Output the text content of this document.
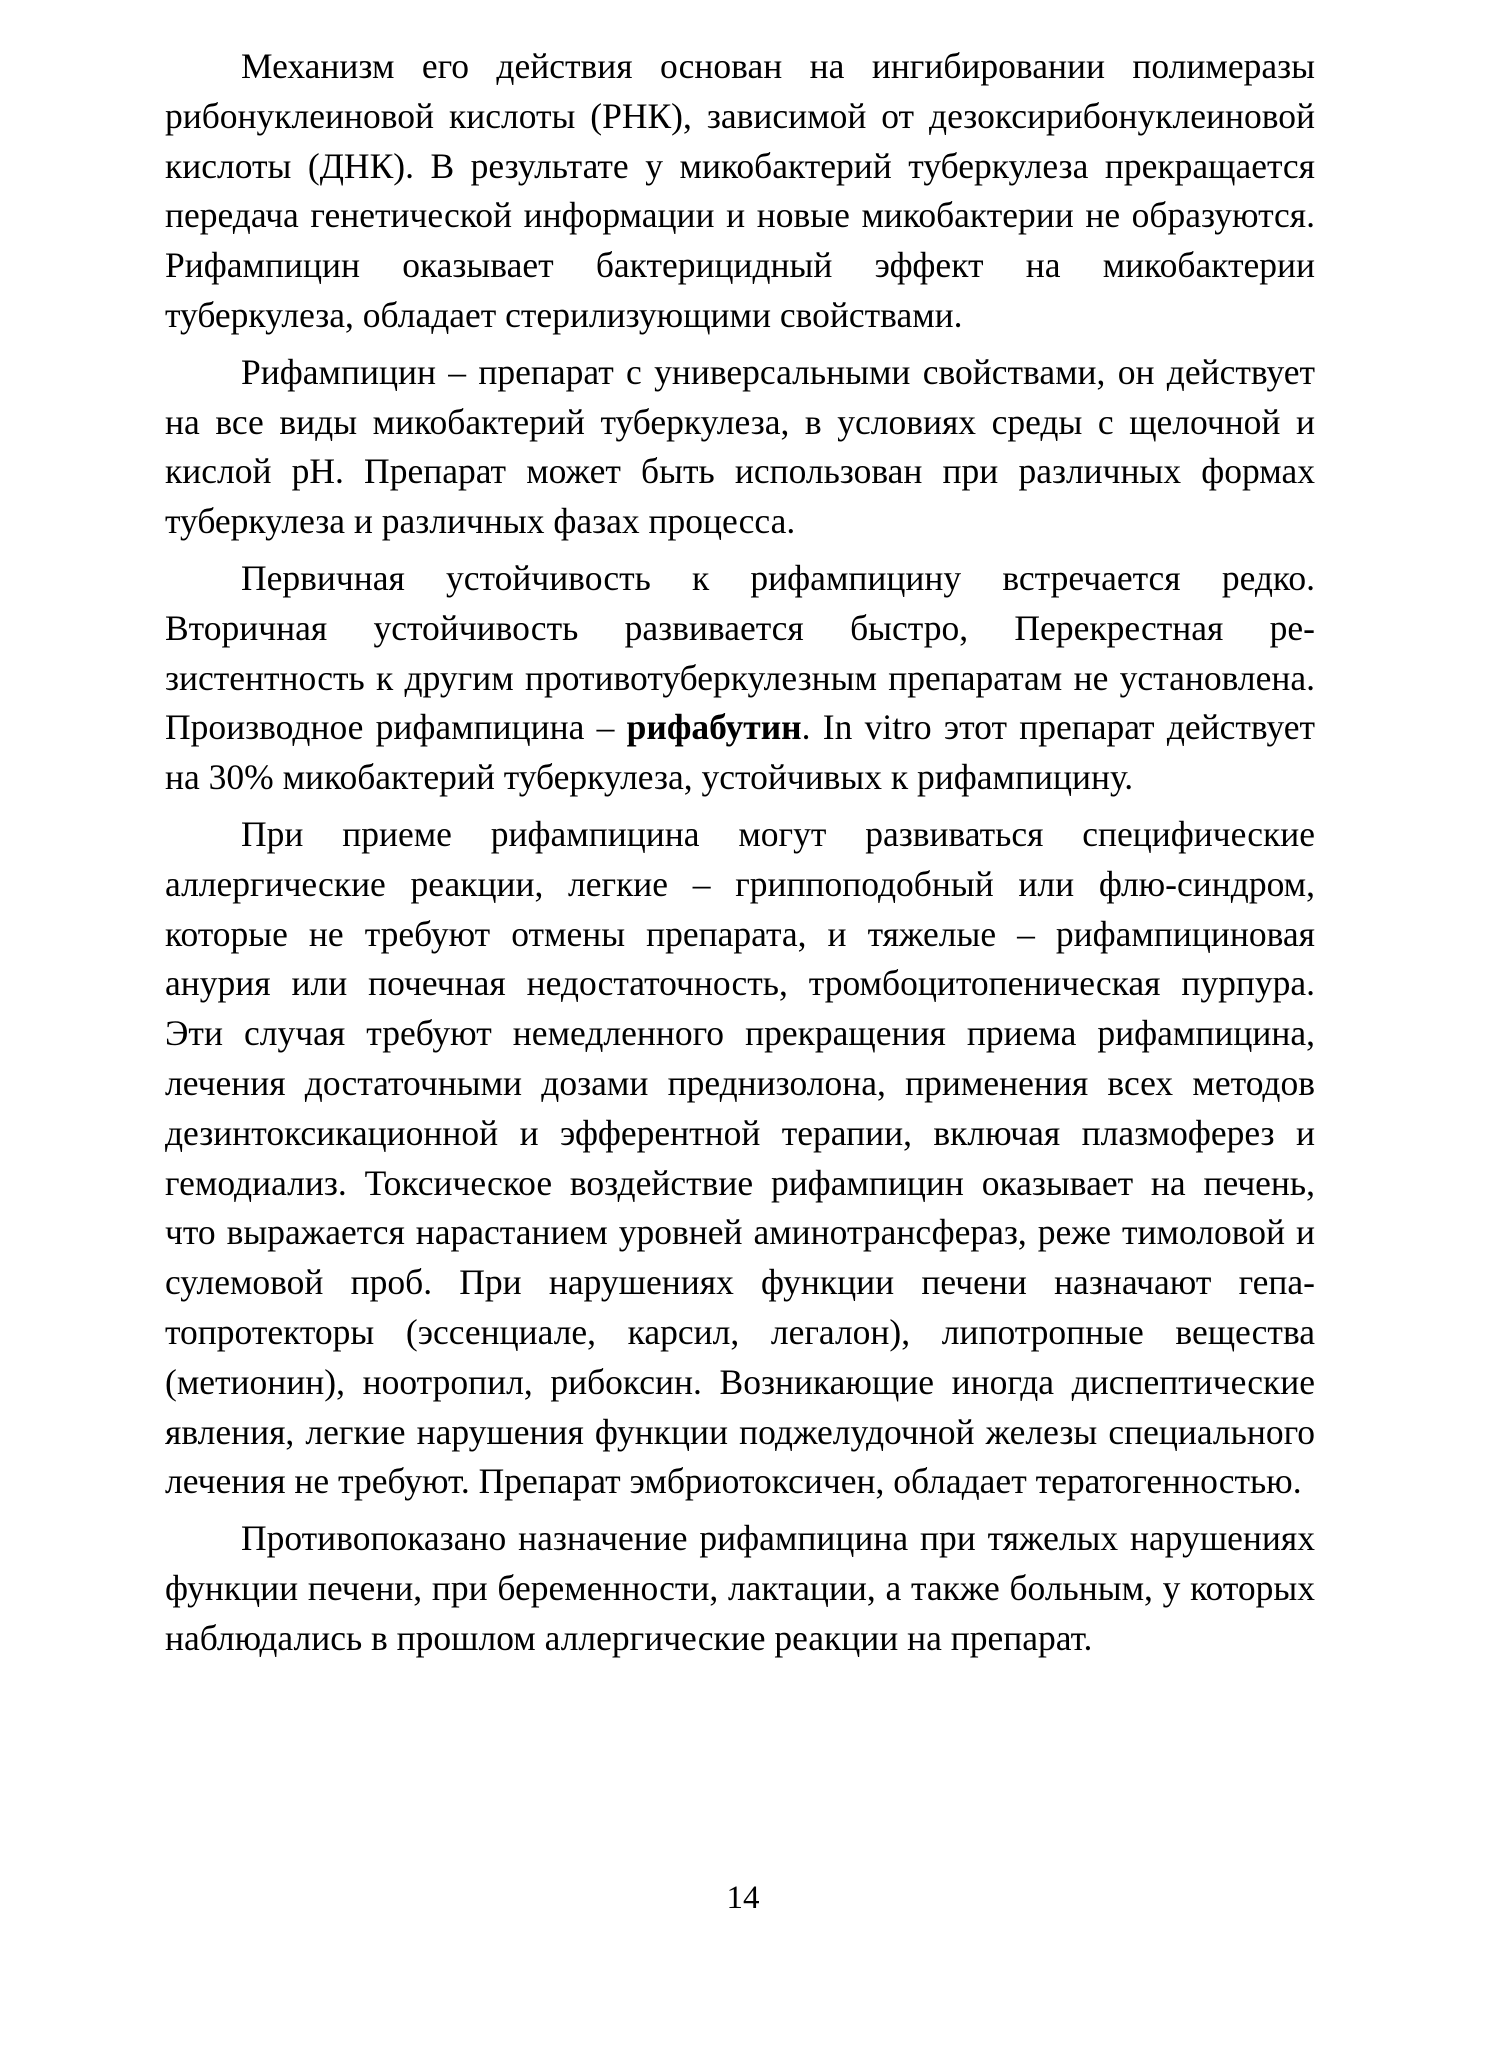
Механизм его действия основан на ингибировании полимеразы рибонуклеиновой кислоты (РНК), зависимой от дезоксирибонуклеиновой кислоты (ДНК). В результате у микобактерий туберкулеза прекращается передача генетической информации и новые микобактерии не образуются. Рифампицин оказывает бактерицидный эффект на микобактерии туберкулеза, обладает стерилизующими свойствами.

Рифампицин – препарат с универсальными свойствами, он действует на все виды микобактерий туберкулеза, в условиях среды с щелочной и кислой pH. Препарат может быть использован при различных формах туберкулеза и различных фазах процесса.

Первичная устойчивость к рифампицину встречается редко. Вторичная устойчивость развивается быстро, Перекрестная резистентность к другим противотуберкулезным препаратам не установлена. Производное рифампицина – рифабутин. In vitro этот препарат действует на 30% микобактерий туберкулеза, устойчивых к рифампицину.

При приеме рифампицина могут развиваться специфические аллергические реакции, легкие – гриппоподобный или флю-синдром, которые не требуют отмены препарата, и тяжелые – рифампициновая анурия или почечная недостаточность, тромбоцитопеническая пурпура. Эти случая требуют немедленного прекращения приема рифампицина, лечения достаточными дозами преднизолона, применения всех методов дезинтоксикационной и эфферентной терапии, включая плазмоферез и гемодиализ. Токсическое воздействие рифампицин оказывает на печень, что выражается нарастанием уровней аминотрансфераз, реже тимоловой и сулемовой проб. При нарушениях функции печени назначают гепатопротекторы (эссенциале, карсил, легалон), липотропные вещества (метионин), ноотропил, рибоксин. Возникающие иногда диспептические явления, легкие нарушения функции поджелудочной железы специального лечения не требуют. Препарат эмбриотоксичен, обладает тератогенностью.

Противопоказано назначение рифампицина при тяжелых нарушениях функции печени, при беременности, лактации, а также больным, у которых наблюдались в прошлом аллергические реакции на препарат.

14
